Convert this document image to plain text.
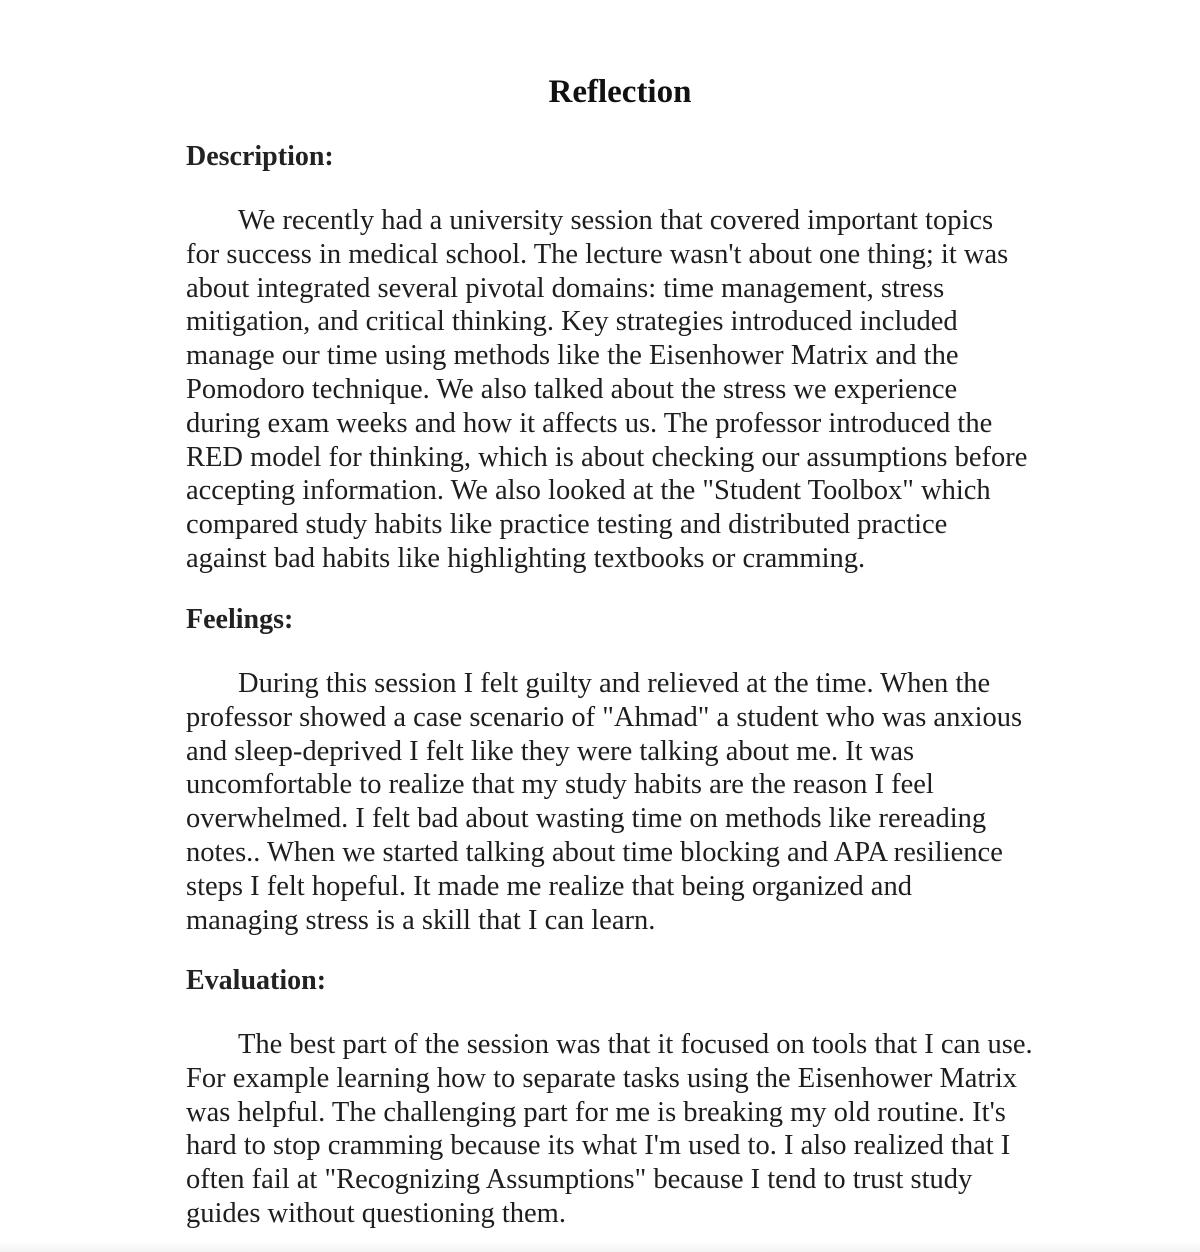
Reflection
Description:
We recently had a university session that covered important topics
for success in medical school. The lecture wasn't about one thing; it was
about integrated several pivotal domains: time management, stress
mitigation, and critical thinking. Key strategies introduced included
manage our time using methods like the Eisenhower Matrix and the
Pomodoro technique. We also talked about the stress we experience
during exam weeks and how it affects us. The professor introduced the
RED model for thinking, which is about checking our assumptions before
accepting information. We also looked at the "Student Toolbox" which
compared study habits like practice testing and distributed practice
against bad habits like highlighting textbooks or cramming.
Feelings:
During this session I felt guilty and relieved at the time. When the
professor showed a case scenario of "Ahmad" a student who was anxious
and sleep-deprived I felt like they were talking about me. It was
uncomfortable to realize that my study habits are the reason I feel
overwhelmed. I felt bad about wasting time on methods like rereading
notes.. When we started talking about time blocking and APA resilience
steps I felt hopeful. It made me realize that being organized and
managing stress is a skill that I can learn.
Evaluation:
The best part of the session was that it focused on tools that I can use.
For example learning how to separate tasks using the Eisenhower Matrix
was helpful. The challenging part for me is breaking my old routine. It's
hard to stop cramming because its what I'm used to. I also realized that I
often fail at "Recognizing Assumptions" because I tend to trust study
guides without questioning them.
